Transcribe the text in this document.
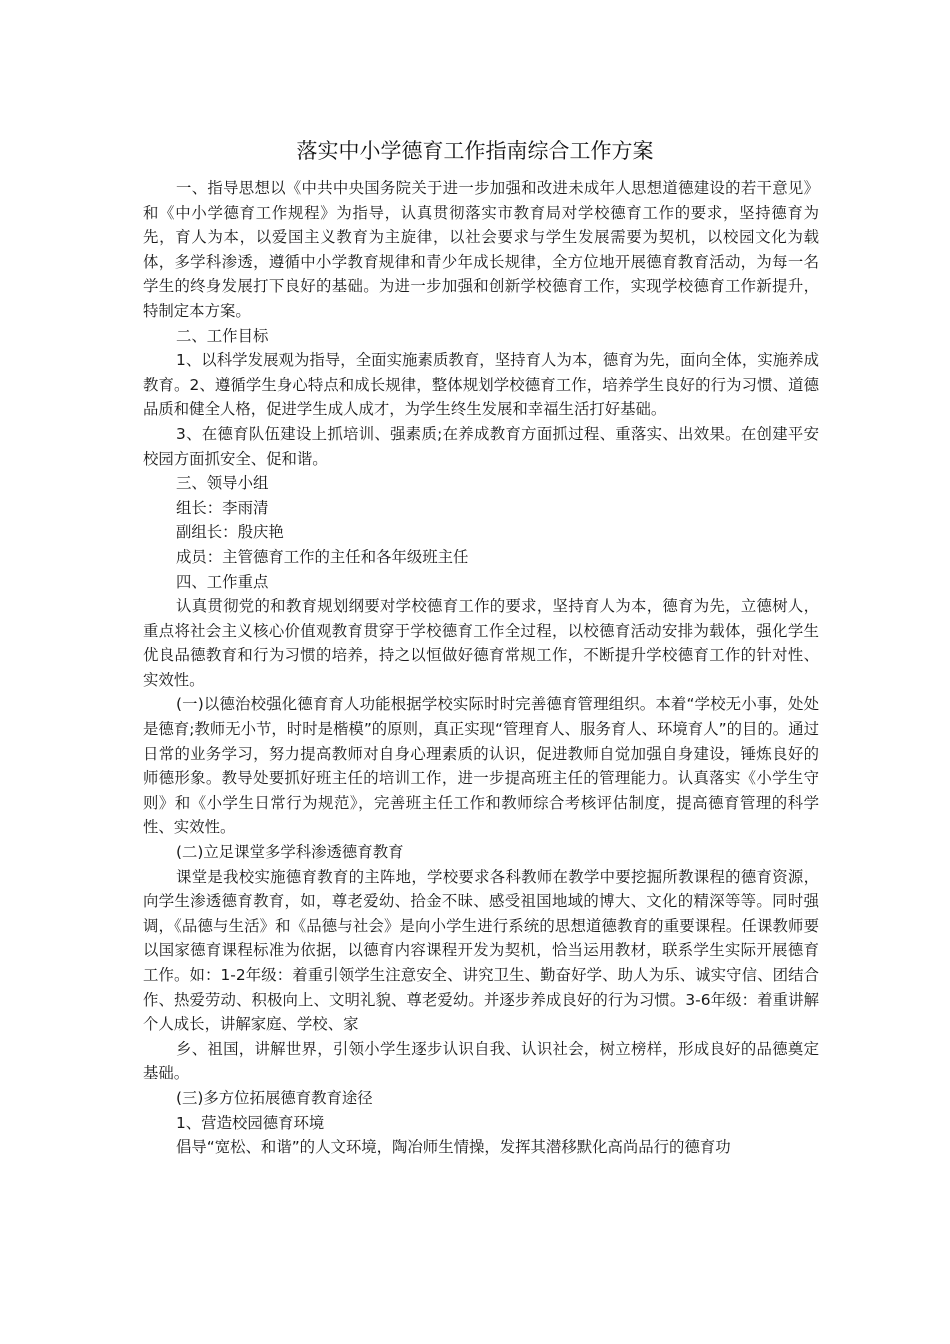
落实中小学德育工作指南综合工作方案

一、指导思想以《中共中央国务院关于进一步加强和改进未成年人思想道德建设的若干意见》和《中小学德育工作规程》为指导，认真贯彻落实市教育局对学校德育工作的要求，坚持德育为先，育人为本，以爱国主义教育为主旋律，以社会要求与学生发展需要为契机，以校园文化为载体，多学科渗透，遵循中小学教育规律和青少年成长规律，全方位地开展德育教育活动，为每一名学生的终身发展打下良好的基础。为进一步加强和创新学校德育工作，实现学校德育工作新提升，特制定本方案。

二、工作目标

1、以科学发展观为指导，全面实施素质教育，坚持育人为本，德育为先，面向全体，实施养成教育。2、遵循学生身心特点和成长规律，整体规划学校德育工作，培养学生良好的行为习惯、道德品质和健全人格，促进学生成人成才，为学生终生发展和幸福生活打好基础。

3、在德育队伍建设上抓培训、强素质;在养成教育方面抓过程、重落实、出效果。在创建平安校园方面抓安全、促和谐。

三、领导小组

组长：李雨清

副组长：殷庆艳

成员：主管德育工作的主任和各年级班主任

四、工作重点

认真贯彻党的和教育规划纲要对学校德育工作的要求，坚持育人为本，德育为先，立德树人，重点将社会主义核心价值观教育贯穿于学校德育工作全过程，以校德育活动安排为载体，强化学生优良品德教育和行为习惯的培养，持之以恒做好德育常规工作，不断提升学校德育工作的针对性、实效性。

(一)以德治校强化德育育人功能根据学校实际时时完善德育管理组织。本着“学校无小事，处处是德育;教师无小节，时时是楷模”的原则，真正实现“管理育人、服务育人、环境育人”的目的。通过日常的业务学习，努力提高教师对自身心理素质的认识，促进教师自觉加强自身建设，锤炼良好的师德形象。教导处要抓好班主任的培训工作，进一步提高班主任的管理能力。认真落实《小学生守则》和《小学生日常行为规范》，完善班主任工作和教师综合考核评估制度，提高德育管理的科学性、实效性。

(二)立足课堂多学科渗透德育教育

课堂是我校实施德育教育的主阵地，学校要求各科教师在教学中要挖掘所教课程的德育资源，向学生渗透德育教育，如，尊老爱幼、拾金不昧、感受祖国地域的博大、文化的精深等等。同时强调，《品德与生活》和《品德与社会》是向小学生进行系统的思想道德教育的重要课程。任课教师要以国家德育课程标准为依据，以德育内容课程开发为契机，恰当运用教材，联系学生实际开展德育工作。如：1-2年级：着重引领学生注意安全、讲究卫生、勤奋好学、助人为乐、诚实守信、团结合作、热爱劳动、积极向上、文明礼貌、尊老爱幼。并逐步养成良好的行为习惯。3-6年级：着重讲解个人成长，讲解家庭、学校、家

乡、祖国，讲解世界，引领小学生逐步认识自我、认识社会，树立榜样，形成良好的品德奠定基础。

(三)多方位拓展德育教育途径

1、营造校园德育环境

倡导“宽松、和谐”的人文环境，陶冶师生情操，发挥其潜移默化高尚品行的德育功
